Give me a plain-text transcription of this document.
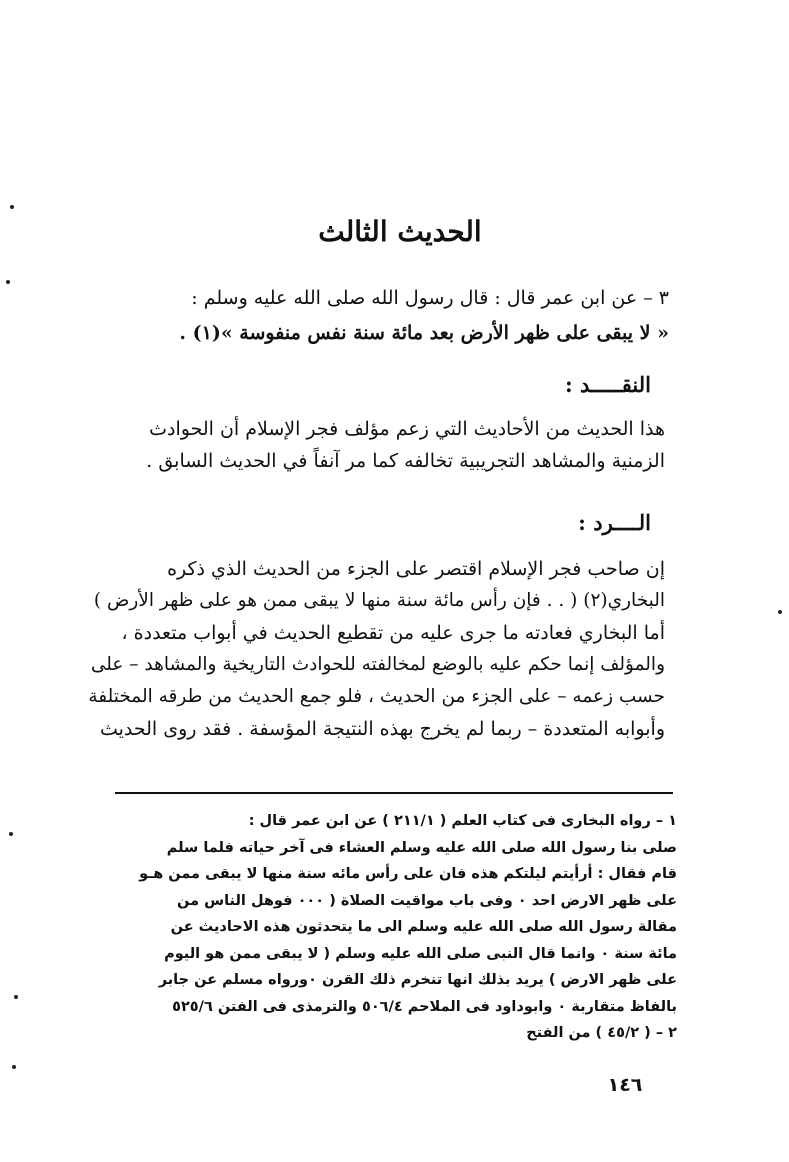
الحديث الثالث
٣ – عن ابن عمر قال : قال رسول الله صلى الله عليه وسلم :
« لا يبقى على ظهر الأرض بعد مائة سنة نفس منفوسة »(١) .
النقـــــد :
هذا الحديث من الأحاديث التي زعم مؤلف فجر الإسلام أن الحوادث
الزمنية والمشاهد التجريبية تخالفه كما مر آنفاً في الحديث السابق .
الــــرد :
إن صاحب فجر الإسلام اقتصر على الجزء من الحديث الذي ذكره
البخاري(٢) ( . . فإن رأس مائة سنة منها لا يبقى ممن هو على ظهر الأرض )
أما البخاري فعادته ما جرى عليه من تقطيع الحديث في أبواب متعددة ،
والمؤلف إنما حكم عليه بالوضع لمخالفته للحوادث التاريخية والمشاهد – على
حسب زعمه – على الجزء من الحديث ، فلو جمع الحديث من طرقه المختلفة
وأبوابه المتعددة – ربما لم يخرج بهذه النتيجة المؤسفة . فقد روى الحديث
١ – رواه البخارى فى كتاب العلم ( ٢١١/١ ) عن ابن عمر قال :
صلى بنا رسول الله صلى الله عليه وسلم العشاء فى آخر حياته فلما سلم
قام فقال : أرأيتم ليلتكم هذه فان على رأس مائه سنة منها لا يبقى ممن هـو
على ظهر الارض احد ٠ وفى باب مواقيت الصلاة ( ٠٠٠ فوهل الناس من
مقالة رسول الله صلى الله عليه وسلم الى ما يتحدثون هذه الاحاديث عن
مائة سنة ٠ وانما قال النبى صلى الله عليه وسلم ( لا يبقى ممن هو اليوم
على ظهر الارض ) يريد بذلك انها تنخرم ذلك القرن ٠ورواه مسلم عن جابر
بالفاظ متقاربة ٠ وابوداود فى الملاحم ٥٠٦/٤ والترمذى فى الفتن ٥٢٥/٦
٢ – ( ٤٥/٢ ) من الفتح
١٤٦
